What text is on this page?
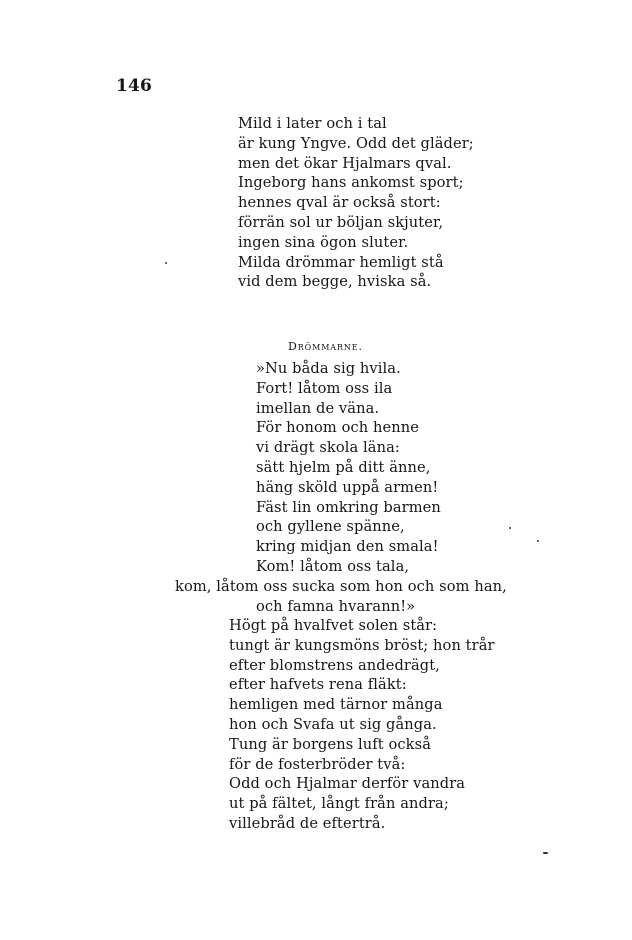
146
Mild i later och i tal
är kung Yngve. Odd det gläder;
men det ökar Hjalmars qval.
Ingeborg hans ankomst sport;
hennes qval är också stort:
förrän sol ur böljan skjuter,
ingen sina ögon sluter.
Milda drömmar hemligt stå
vid dem begge, hviska så.
Drömmarne.
»Nu båda sig hvila.
Fort! låtom oss ila
imellan de väna.
För honom och henne
vi drägt skola läna:
sätt hjelm på ditt änne,
häng sköld uppå armen!
Fäst lin omkring barmen
och gyllene spänne,
kring midjan den smala!
Kom! låtom oss tala,
kom, låtom oss sucka som hon och som han,
och famna hvarann!»
Högt på hvalfvet solen står:
tungt är kungsmöns bröst; hon trår
efter blomstrens andedrägt,
efter hafvets rena fläkt:
hemligen med tärnor många
hon och Svafa ut sig gånga.
Tung är borgens luft också
för de fosterbröder två:
Odd och Hjalmar derför vandra
ut på fältet, långt från andra;
villebråd de eftertrå.
